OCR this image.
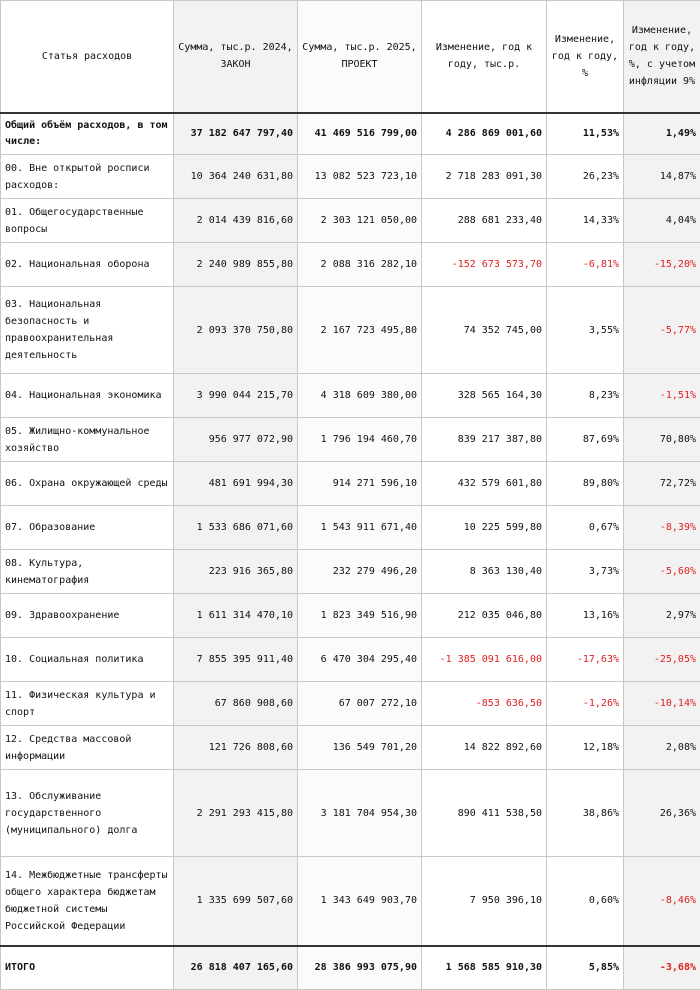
Статья расходов	Сумма, тыс.р. 2024, ЗАКОН	Сумма, тыс.р. 2025, ПРОЕКТ	Изменение, год к году, тыс.р.	Изменение, год к году, %	Изменение, год к году, %, с учетом инфляции 9%
Общий объём расходов, в том числе:	37 182 647 797,40	41 469 516 799,00	4 286 869 001,60	11,53%	1,49%
00. Вне открытой росписи расходов:	10 364 240 631,80	13 082 523 723,10	2 718 283 091,30	26,23%	14,87%
01. Общегосударственные вопросы	2 014 439 816,60	2 303 121 050,00	288 681 233,40	14,33%	4,04%
02. Национальная оборона	2 240 989 855,80	2 088 316 282,10	-152 673 573,70	-6,81%	-15,20%
03. Национальная безопасность и правоохранительная деятельность	2 093 370 750,80	2 167 723 495,80	74 352 745,00	3,55%	-5,77%
04. Национальная экономика	3 990 044 215,70	4 318 609 380,00	328 565 164,30	8,23%	-1,51%
05. Жилищно-коммунальное хозяйство	956 977 072,90	1 796 194 460,70	839 217 387,80	87,69%	70,80%
06. Охрана окружающей среды	481 691 994,30	914 271 596,10	432 579 601,80	89,80%	72,72%
07. Образование	1 533 686 071,60	1 543 911 671,40	10 225 599,80	0,67%	-8,39%
08. Культура, кинематография	223 916 365,80	232 279 496,20	8 363 130,40	3,73%	-5,60%
09. Здравоохранение	1 611 314 470,10	1 823 349 516,90	212 035 046,80	13,16%	2,97%
10. Социальная политика	7 855 395 911,40	6 470 304 295,40	-1 385 091 616,00	-17,63%	-25,05%
11. Физическая культура и спорт	67 860 908,60	67 007 272,10	-853 636,50	-1,26%	-10,14%
12. Средства массовой информации	121 726 808,60	136 549 701,20	14 822 892,60	12,18%	2,08%
13. Обслуживание государственного (муниципального) долга	2 291 293 415,80	3 181 704 954,30	890 411 538,50	38,86%	26,36%
14. Межбюджетные трансферты общего характера бюджетам бюджетной системы Российской Федерации	1 335 699 507,60	1 343 649 903,70	7 950 396,10	0,60%	-8,46%
ИТОГО	26 818 407 165,60	28 386 993 075,90	1 568 585 910,30	5,85%	-3,68%
